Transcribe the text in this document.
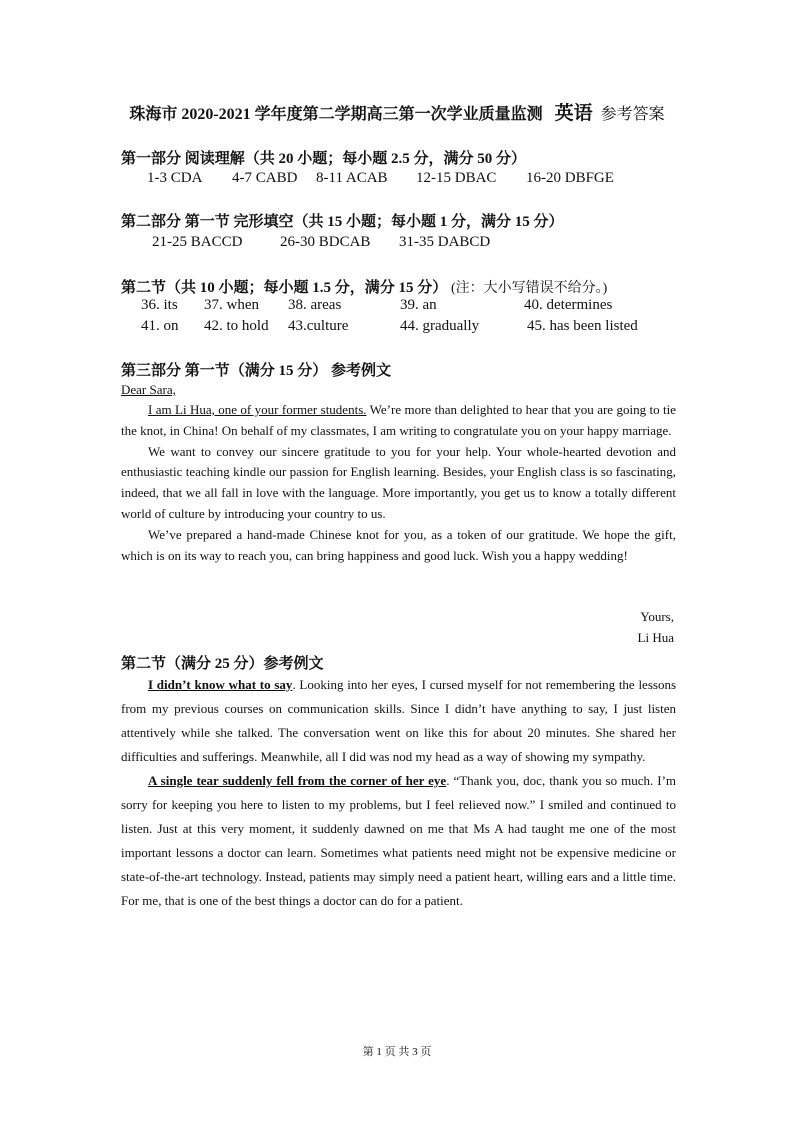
珠海市 2020-2021 学年度第二学期高三第一次学业质量监测 英语 参考答案
第一部分 阅读理解（共 20 小题；每小题 2.5 分，满分 50 分）
1-3 CDA 4-7 CABD 8-11 ACAB 12-15 DBAC 16-20 DBFGE
第二部分 第一节 完形填空（共 15 小题；每小题 1 分，满分 15 分）
21-25 BACCD	26-30 BDCAB 31-35 DABCD
第二节（共 10 小题；每小题 1.5 分，满分 15 分） (注：大小写错误不给分。)
36. its 37. when 38. areas	39. an	40. determines
41. on 42. to hold 43.culture	44. gradually	45. has been listed
第三部分 第一节（满分 15 分） 参考例文
Dear Sara,

I am Li Hua, one of your former students. We’re more than delighted to hear that you are going to tie the knot, in China! On behalf of my classmates, I am writing to congratulate you on your happy marriage.

We want to convey our sincere gratitude to you for your help. Your whole-hearted devotion and enthusiastic teaching kindle our passion for English learning. Besides, your English class is so fascinating, indeed, that we all fall in love with the language. More importantly, you get us to know a totally different world of culture by introducing your country to us.

We’ve prepared a hand-made Chinese knot for you, as a token of our gratitude. We hope the gift, which is on its way to reach you, can bring happiness and good luck. Wish you a happy wedding!

Yours,
Li Hua
第二节（满分 25 分）参考例文

I didn’t know what to say. Looking into her eyes, I cursed myself for not remembering the lessons from my previous courses on communication skills. Since I didn’t have anything to say, I just listen attentively while she talked. The conversation went on like this for about 20 minutes. She shared her difficulties and sufferings. Meanwhile, all I did was nod my head as a way of showing my sympathy.

A single tear suddenly fell from the corner of her eye. “Thank you, doc, thank you so much. I’m sorry for keeping you here to listen to my problems, but I feel relieved now.” I smiled and continued to listen. Just at this very moment, it suddenly dawned on me that Ms A had taught me one of the most important lessons a doctor can learn. Sometimes what patients need might not be expensive medicine or state-of-the-art technology. Instead, patients may simply need a patient heart, willing ears and a little time. For me, that is one of the best things a doctor can do for a patient.

第 1 页 共 3 页
